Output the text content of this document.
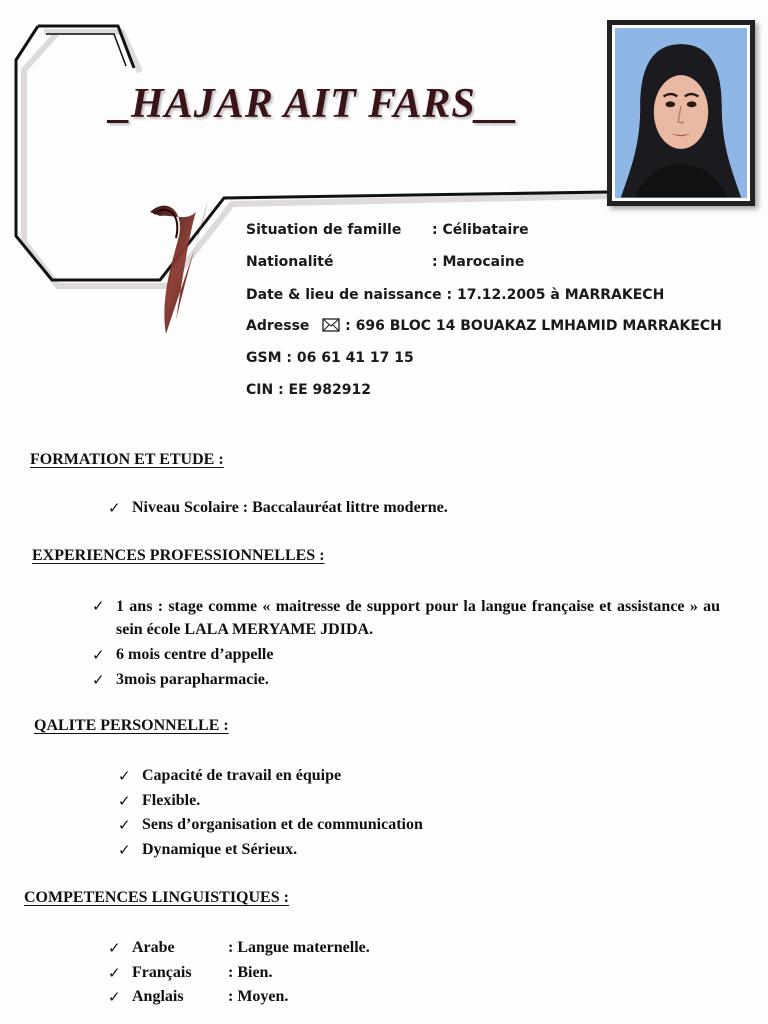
_HAJAR AIT FARS__
Situation de famille : Célibataire
Nationalité	: Marocaine
Date & lieu de naissance : 17.12.2005 à MARRAKECH
Adresse	: 696 BLOC 14 BOUAKAZ LMHAMID MARRAKECH
GSM : 06 61 41 17 15
CIN : EE 982912
FORMATION ET ETUDE :
✓ Niveau Scolaire : Baccalauréat littre moderne.
EXPERIENCES PROFESSIONNELLES :
✓ 1 ans : stage comme « maitresse de support pour la langue française et assistance » au sein école LALA MERYAME JDIDA.
✓ 6 mois centre d’appelle
✓ 3mois parapharmacie.
QALITE PERSONNELLE :
✓ Capacité de travail en équipe
✓ Flexible.
✓ Sens d’organisation et de communication
✓ Dynamique et Sérieux.
COMPETENCES LINGUISTIQUES :
✓ Arabe	: Langue maternelle.
✓ Français : Bien.
✓ Anglais	: Moyen.
